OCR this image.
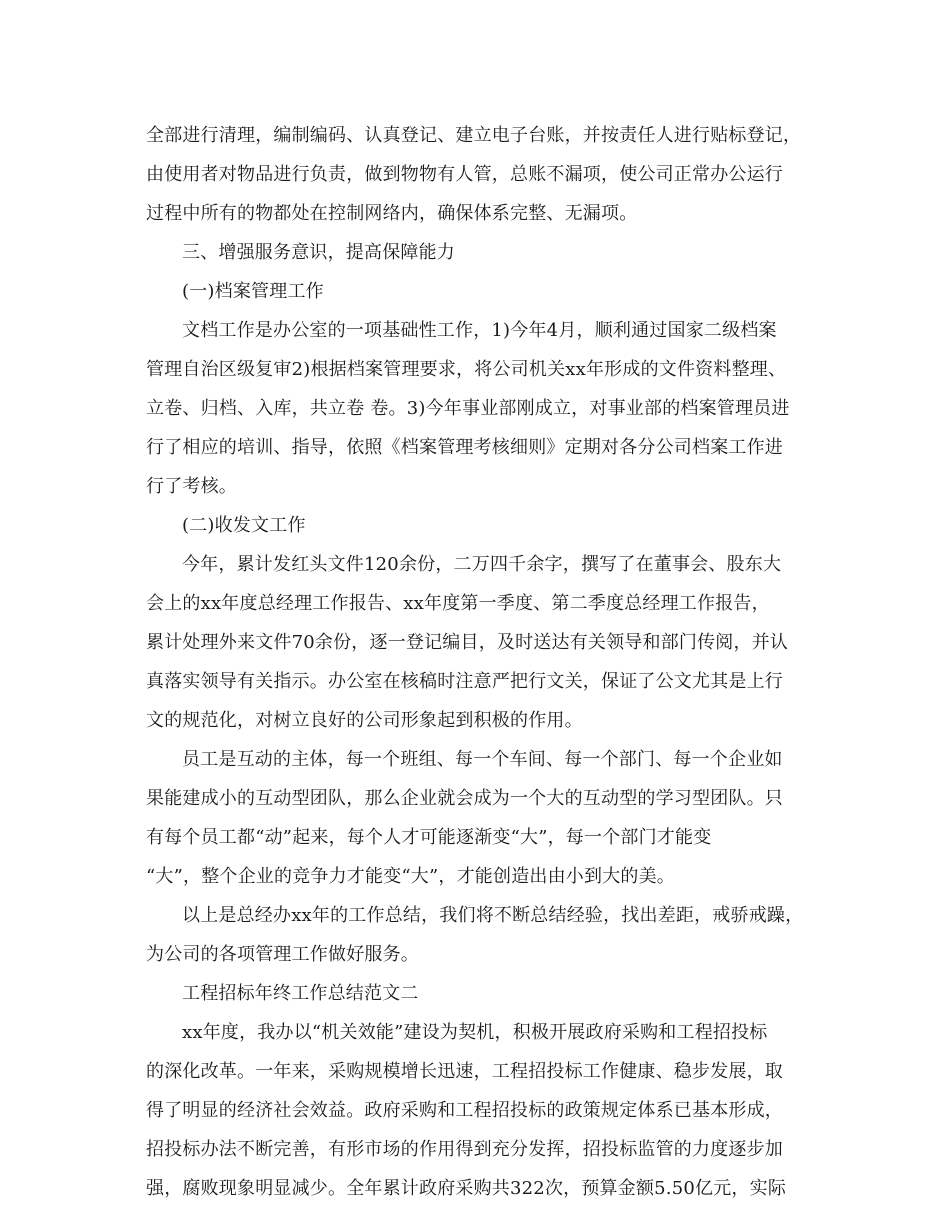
全部进行清理，编制编码、认真登记、建立电子台账，并按责任人进行贴标登记，
由使用者对物品进行负责，做到物物有人管，总账不漏项，使公司正常办公运行
过程中所有的物都处在控制网络内，确保体系完整、无漏项。
三、增强服务意识，提高保障能力
(一)档案管理工作
文档工作是办公室的一项基础性工作，1)今年4月，顺利通过国家二级档案
管理自治区级复审2)根据档案管理要求，将公司机关xx年形成的文件资料整理、
立卷、归档、入库，共立卷 卷。3)今年事业部刚成立，对事业部的档案管理员进
行了相应的培训、指导，依照《档案管理考核细则》定期对各分公司档案工作进
行了考核。
(二)收发文工作
今年，累计发红头文件120余份，二万四千余字，撰写了在董事会、股东大
会上的xx年度总经理工作报告、xx年度第一季度、第二季度总经理工作报告，
累计处理外来文件70余份，逐一登记编目，及时送达有关领导和部门传阅，并认
真落实领导有关指示。办公室在核稿时注意严把行文关，保证了公文尤其是上行
文的规范化，对树立良好的公司形象起到积极的作用。
员工是互动的主体，每一个班组、每一个车间、每一个部门、每一个企业如
果能建成小的互动型团队，那么企业就会成为一个大的互动型的学习型团队。只
有每个员工都“动”起来，每个人才可能逐渐变“大”，每一个部门才能变
“大”，整个企业的竞争力才能变“大”，才能创造出由小到大的美。
以上是总经办xx年的工作总结，我们将不断总结经验，找出差距，戒骄戒躁，
为公司的各项管理工作做好服务。
工程招标年终工作总结范文二
xx年度，我办以“机关效能”建设为契机，积极开展政府采购和工程招投标
的深化改革。一年来，采购规模增长迅速，工程招投标工作健康、稳步发展，取
得了明显的经济社会效益。政府采购和工程招投标的政策规定体系已基本形成，
招投标办法不断完善，有形市场的作用得到充分发挥，招投标监管的力度逐步加
强，腐败现象明显减少。全年累计政府采购共322次，预算金额5.50亿元，实际
